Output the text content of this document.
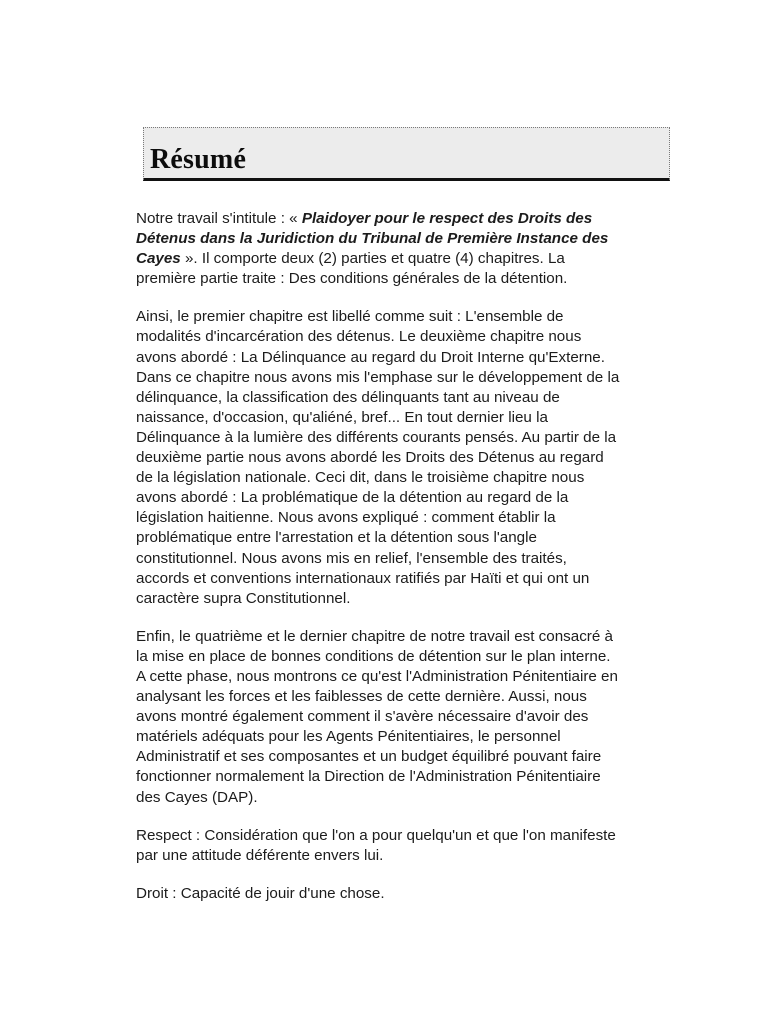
Résumé

Notre travail s'intitule : « Plaidoyer pour le respect des Droits des
Détenus dans la Juridiction du Tribunal de Première Instance des
Cayes ». Il comporte deux (2) parties et quatre (4) chapitres. La
première partie traite : Des conditions générales de la détention.

Ainsi, le premier chapitre est libellé comme suit : L'ensemble de
modalités d'incarcération des détenus. Le deuxième chapitre nous
avons abordé : La Délinquance au regard du Droit Interne qu'Externe.
Dans ce chapitre nous avons mis l'emphase sur le développement de la
délinquance, la classification des délinquants tant au niveau de
naissance, d'occasion, qu'aliéné, bref... En tout dernier lieu la
Délinquance à la lumière des différents courants pensés. Au partir de la
deuxième partie nous avons abordé les Droits des Détenus au regard
de la législation nationale. Ceci dit, dans le troisième chapitre nous
avons abordé : La problématique de la détention au regard de la
législation haitienne. Nous avons expliqué : comment établir la
problématique entre l'arrestation et la détention sous l'angle
constitutionnel. Nous avons mis en relief, l'ensemble des traités,
accords et conventions internationaux ratifiés par Haïti et qui ont un
caractère supra Constitutionnel.

Enfin, le quatrième et le dernier chapitre de notre travail est consacré à
la mise en place de bonnes conditions de détention sur le plan interne.
A cette phase, nous montrons ce qu'est l'Administration Pénitentiaire en
analysant les forces et les faiblesses de cette dernière. Aussi, nous
avons montré également comment il s'avère nécessaire d'avoir des
matériels adéquats pour les Agents Pénitentiaires, le personnel
Administratif et ses composantes et un budget équilibré pouvant faire
fonctionner normalement la Direction de l'Administration Pénitentiaire
des Cayes (DAP).

Respect : Considération que l'on a pour quelqu'un et que l'on manifeste
par une attitude déférente envers lui.

Droit : Capacité de jouir d'une chose.
